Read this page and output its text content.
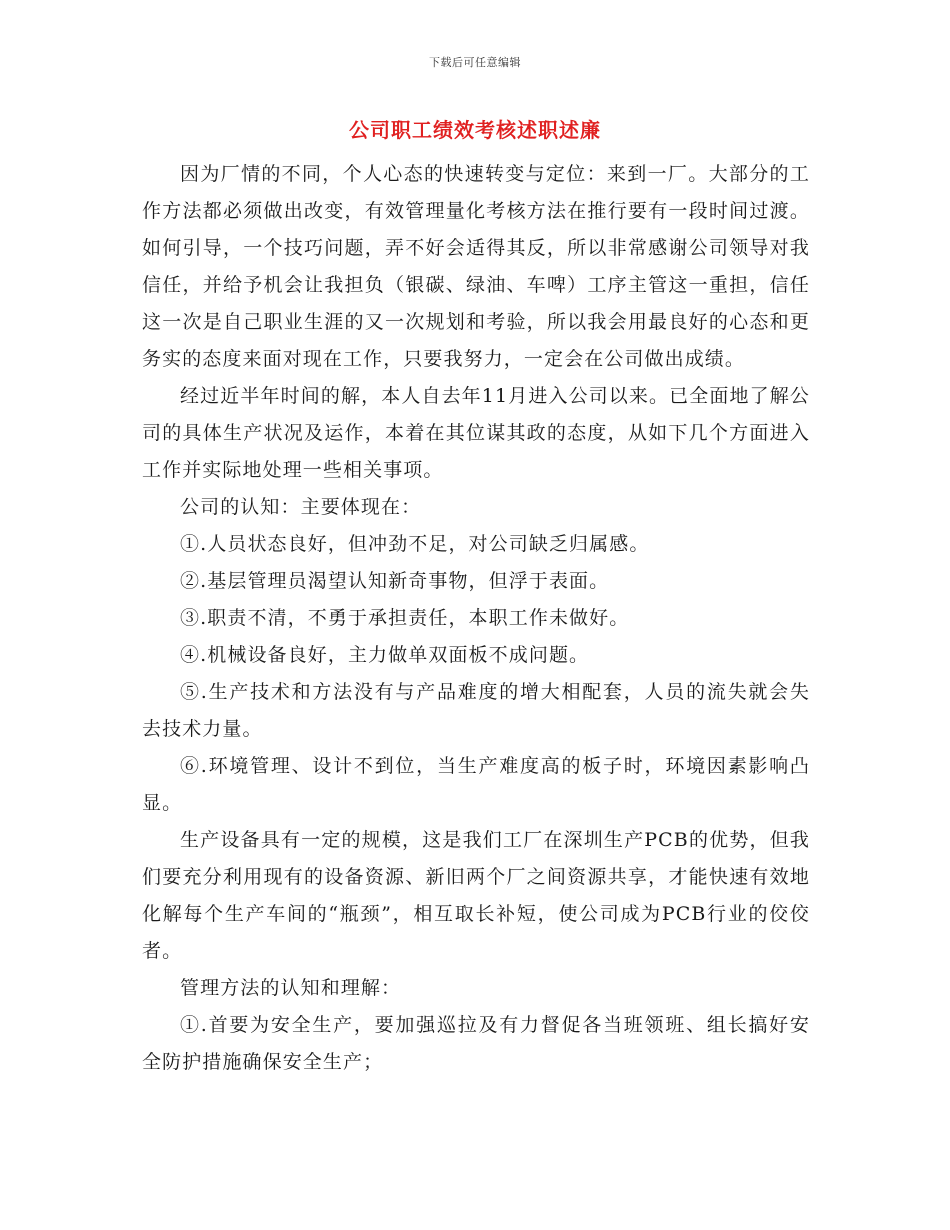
下载后可任意编辑
公司职工绩效考核述职述廉

因为厂情的不同，个人心态的快速转变与定位：来到一厂。大部分的工作方法都必须做出改变，有效管理量化考核方法在推行要有一段时间过渡。如何引导，一个技巧问题，弄不好会适得其反，所以非常感谢公司领导对我信任，并给予机会让我担负（银碳、绿油、车啤）工序主管这一重担，信任这一次是自己职业生涯的又一次规划和考验，所以我会用最良好的心态和更务实的态度来面对现在工作，只要我努力，一定会在公司做出成绩。

经过近半年时间的解，本人自去年11月进入公司以来。已全面地了解公司的具体生产状况及运作，本着在其位谋其政的态度，从如下几个方面进入工作并实际地处理一些相关事项。

公司的认知：主要体现在：

①.人员状态良好，但冲劲不足，对公司缺乏归属感。

②.基层管理员渴望认知新奇事物，但浮于表面。

③.职责不清，不勇于承担责任，本职工作未做好。

④.机械设备良好，主力做单双面板不成问题。

⑤.生产技术和方法没有与产品难度的增大相配套，人员的流失就会失去技术力量。

⑥.环境管理、设计不到位，当生产难度高的板子时，环境因素影响凸显。

生产设备具有一定的规模，这是我们工厂在深圳生产PCB的优势，但我们要充分利用现有的设备资源、新旧两个厂之间资源共享，才能快速有效地化解每个生产车间的“瓶颈”，相互取长补短，使公司成为PCB行业的佼佼者。

管理方法的认知和理解：

①.首要为安全生产，要加强巡拉及有力督促各当班领班、组长搞好安全防护措施确保安全生产；
